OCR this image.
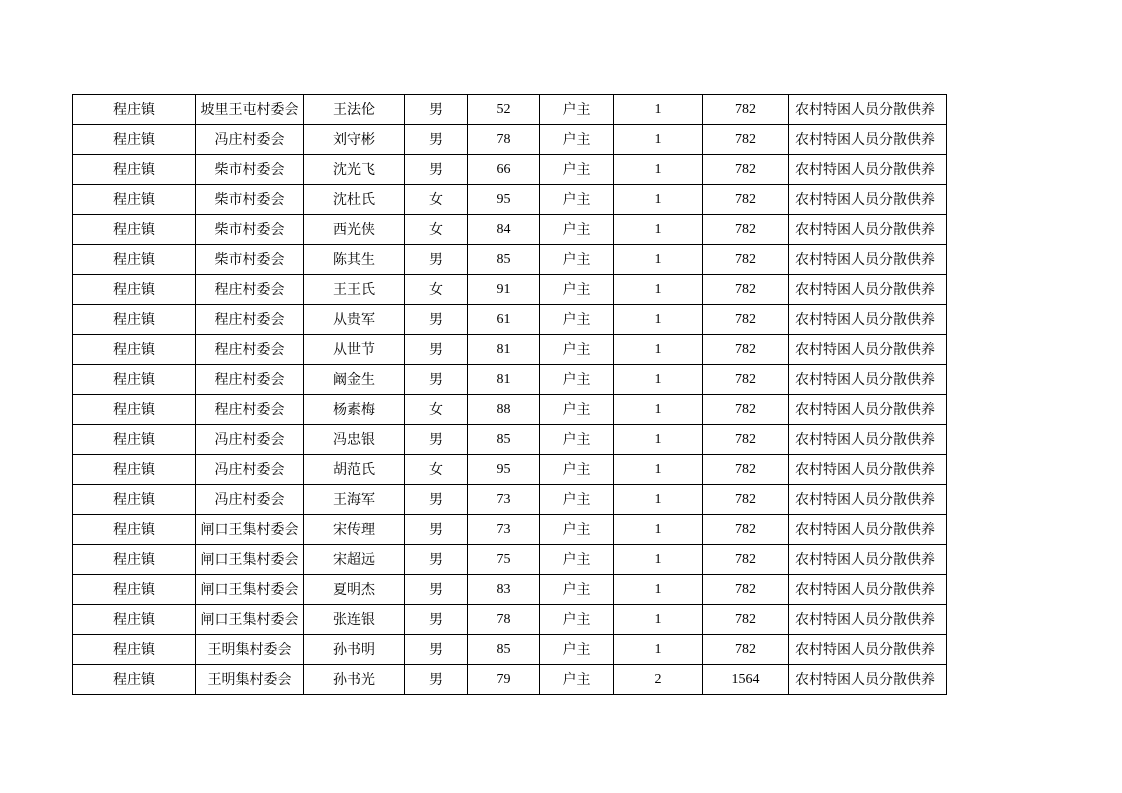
程庄镇	坡里王屯村委会	王法伦	男	52	户主	1	782	农村特困人员分散供养
程庄镇	冯庄村委会	刘守彬	男	78	户主	1	782	农村特困人员分散供养
程庄镇	柴市村委会	沈光飞	男	66	户主	1	782	农村特困人员分散供养
程庄镇	柴市村委会	沈杜氏	女	95	户主	1	782	农村特困人员分散供养
程庄镇	柴市村委会	西光侠	女	84	户主	1	782	农村特困人员分散供养
程庄镇	柴市村委会	陈其生	男	85	户主	1	782	农村特困人员分散供养
程庄镇	程庄村委会	王王氏	女	91	户主	1	782	农村特困人员分散供养
程庄镇	程庄村委会	从贵军	男	61	户主	1	782	农村特困人员分散供养
程庄镇	程庄村委会	从世节	男	81	户主	1	782	农村特困人员分散供养
程庄镇	程庄村委会	阚金生	男	81	户主	1	782	农村特困人员分散供养
程庄镇	程庄村委会	杨素梅	女	88	户主	1	782	农村特困人员分散供养
程庄镇	冯庄村委会	冯忠银	男	85	户主	1	782	农村特困人员分散供养
程庄镇	冯庄村委会	胡范氏	女	95	户主	1	782	农村特困人员分散供养
程庄镇	冯庄村委会	王海军	男	73	户主	1	782	农村特困人员分散供养
程庄镇	闸口王集村委会	宋传理	男	73	户主	1	782	农村特困人员分散供养
程庄镇	闸口王集村委会	宋超远	男	75	户主	1	782	农村特困人员分散供养
程庄镇	闸口王集村委会	夏明杰	男	83	户主	1	782	农村特困人员分散供养
程庄镇	闸口王集村委会	张连银	男	78	户主	1	782	农村特困人员分散供养
程庄镇	王明集村委会	孙书明	男	85	户主	1	782	农村特困人员分散供养
程庄镇	王明集村委会	孙书光	男	79	户主	2	1564	农村特困人员分散供养
